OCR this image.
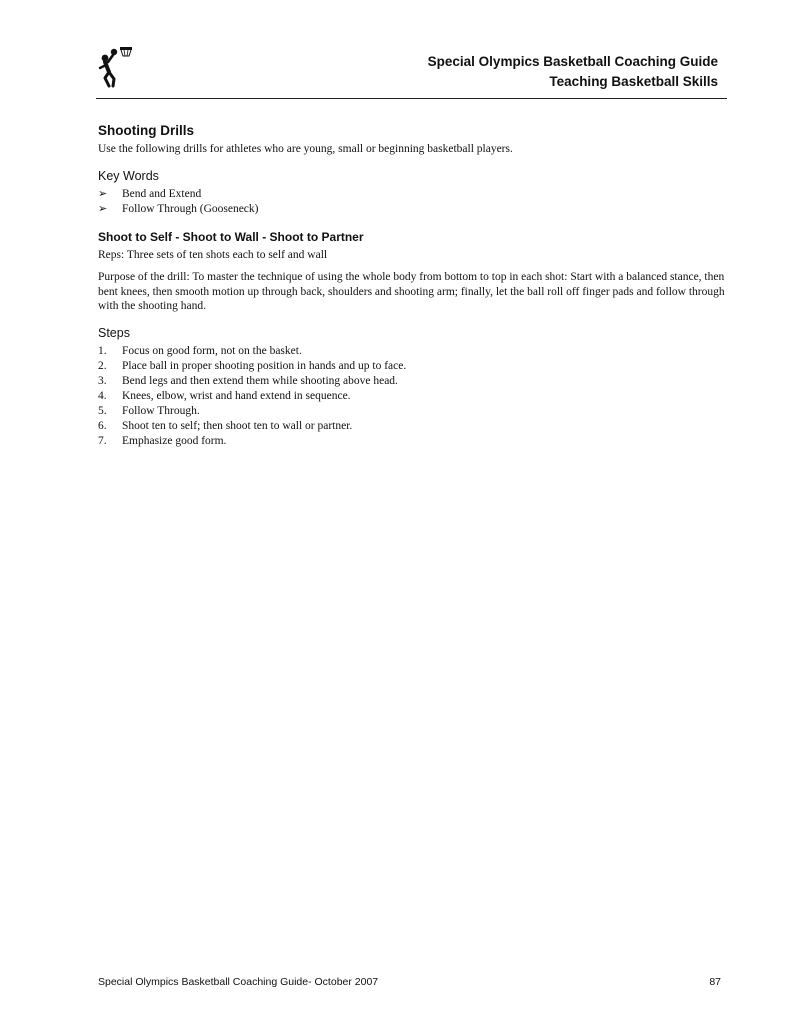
Special Olympics Basketball Coaching Guide
Teaching Basketball Skills
Shooting Drills

Use the following drills for athletes who are young, small or beginning basketball players.

Key Words
➢	Bend and Extend
➢	Follow Through (Gooseneck)
Shoot to Self - Shoot to Wall - Shoot to Partner

Reps: Three sets of ten shots each to self and wall

Purpose of the drill: To master the technique of using the whole body from bottom to top in each shot: Start with a balanced stance, then bent knees, then smooth motion up through back, shoulders and shooting arm; finally, let the ball roll off finger pads and follow through with the shooting hand.

Steps
1.	Focus on good form, not on the basket.
2.	Place ball in proper shooting position in hands and up to face.
3.	Bend legs and then extend them while shooting above head.
4.	Knees, elbow, wrist and hand extend in sequence.
5.	Follow Through.
6.	Shoot ten to self; then shoot ten to wall or partner.
7.	Emphasize good form.
Special Olympics Basketball Coaching Guide- October 2007	87
